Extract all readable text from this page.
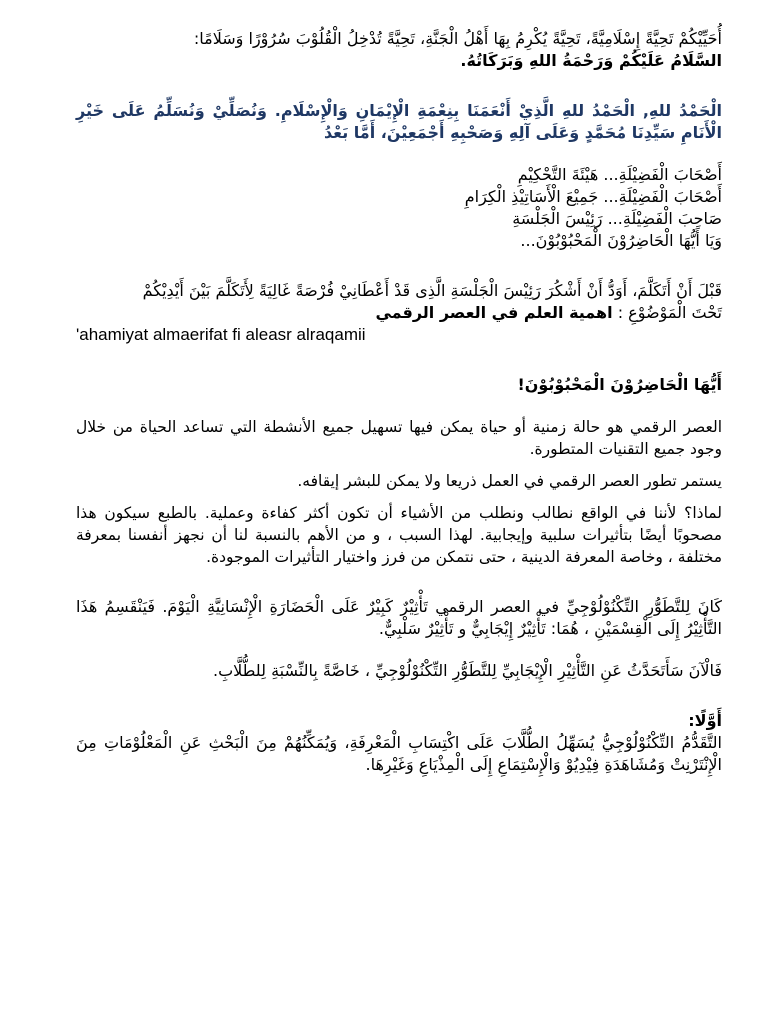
أُحَيِّيْكُمْ تَحِيَّةً إِسْلَامِيَّةً، تَحِيَّةً يُكْرِمُ بِهَا أَهْلُ الْجَنَّةِ، تَحِيَّةً تُدْخِلُ الْقُلُوْبَ سُرُوْرًا وَسَلَامًا:

السَّلَامُ عَلَيْكُمْ وَرَحْمَةُ اللهِ وَبَرَكَاتُهُ.

الْحَمْدُ للهِ, الْحَمْدُ للهِ الَّذِيْ أَنْعَمَنَا بِنِعْمَةِ الْإِيْمَانِ وَالْإِسْلَامِ. وَنُصَلِّيْ وَنُسَلِّمُ عَلَى خَيْرِ الْأَنَامِ سَيِّدِنَا مُحَمَّدٍ وَعَلَى آلِهِ وَصَحْبِهِ أَجْمَعِيْنَ، أَمَّا بَعْدُ

أَصْحَابَ الْفَضِيْلَةِ... هَيْئَةَ التَّحْكِيْمِ

أَصْحَابَ الْفَضِيْلَةِ... جَمِيْعَ الْأَسَاتِيْذِ الْكِرَامِ

صَاحِبَ الْفَضِيْلَةِ... رَئِيْسَ الْجَلْسَةِ

وَيَا أَيُّهَا الْحَاضِرُوْنَ الْمَحْبُوْبُوْنَ...

قَبْلَ أَنْ أَتَكَلَّمَ، أَوَدُّ أَنْ أَشْكُرَ رَئِيْسَ الْجَلْسَةِ الَّذِى قَدْ أَعْطَانِيْ فُرْصَةً غَالِيَةً لِأَتَكَلَّمَ بَيْنَ أَيْدِيْكُمْ

تَحْتَ الْمَوْضُوْعِ : اهمية العلم في العصر الرقمي

'ahamiyat almaerifat fi aleasr alraqamii

أَيُّهَا الْحَاضِرُوْنَ الْمَحْبُوْبُوْنَ!

العصر الرقمي هو حالة زمنية أو حياة يمكن فيها تسهيل جميع الأنشطة التي تساعد الحياة من خلال وجود جميع التقنيات المتطورة.

يستمر تطور العصر الرقمي في العمل ذريعا ولا يمكن للبشر إيقافه.

لماذا؟ لأننا في الواقع نطالب ونطلب من الأشياء أن تكون أكثر كفاءة وعملية. بالطبع سيكون هذا مصحوبًا أيضًا بتأثيرات سلبية وإيجابية. لهذا السبب ، و من الأهم بالنسبة لنا أن نجهز أنفسنا بمعرفة مختلفة ، وخاصة المعرفة الدينية ، حتى نتمكن من فرز واختيار التأثيرات الموجودة.

كَانَ لِلتَّطَوُّرِ التِّكْنُوْلُوْجِيِّ في العصر الرقمي تَأْثِيْرٌ كَبِيْرٌ عَلَى الْحَضَارَةِ الْإِنْسَانِيَّةِ الْيَوْمَ. فَيَنْقَسِمُ هَذَا التَّأْثِيْرُ إِلَى الْقِسْمَيْنِ ، هُمَا: تَأْثِيْرٌ إِيْجَابِيٌّ و تَأْثِيْرٌ سَلْبِيٌّ.

فَالْآنَ سَأَتَحَدَّثُ عَنِ التَّأْثِيْرِ الْإِيْجَابِيِّ لِلتَّطَوُّرِ التِّكْنُوْلُوْجِيِّ ، خَاصَّةً بِالنِّسْبَةِ لِلطُّلَّابِ.

أَوَّلًا:

التَّقَدُّمُ التِّكْنُوْلُوْجِيُّ يُسَهِّلُ الطُّلَّابَ عَلَى اكْتِسَابِ الْمَعْرِفَةِ، وَيُمَكِّنُهُمْ مِنَ الْبَحْثِ عَنِ الْمَعْلُوْمَاتِ مِنَ الْإِنْتَرْنِتْ وَمُشَاهَدَةِ فِيْدِيُوْ وَالْإِسْتِمَاعِ إِلَى الْمِذْيَاعِ وَغَيْرِهَا.
